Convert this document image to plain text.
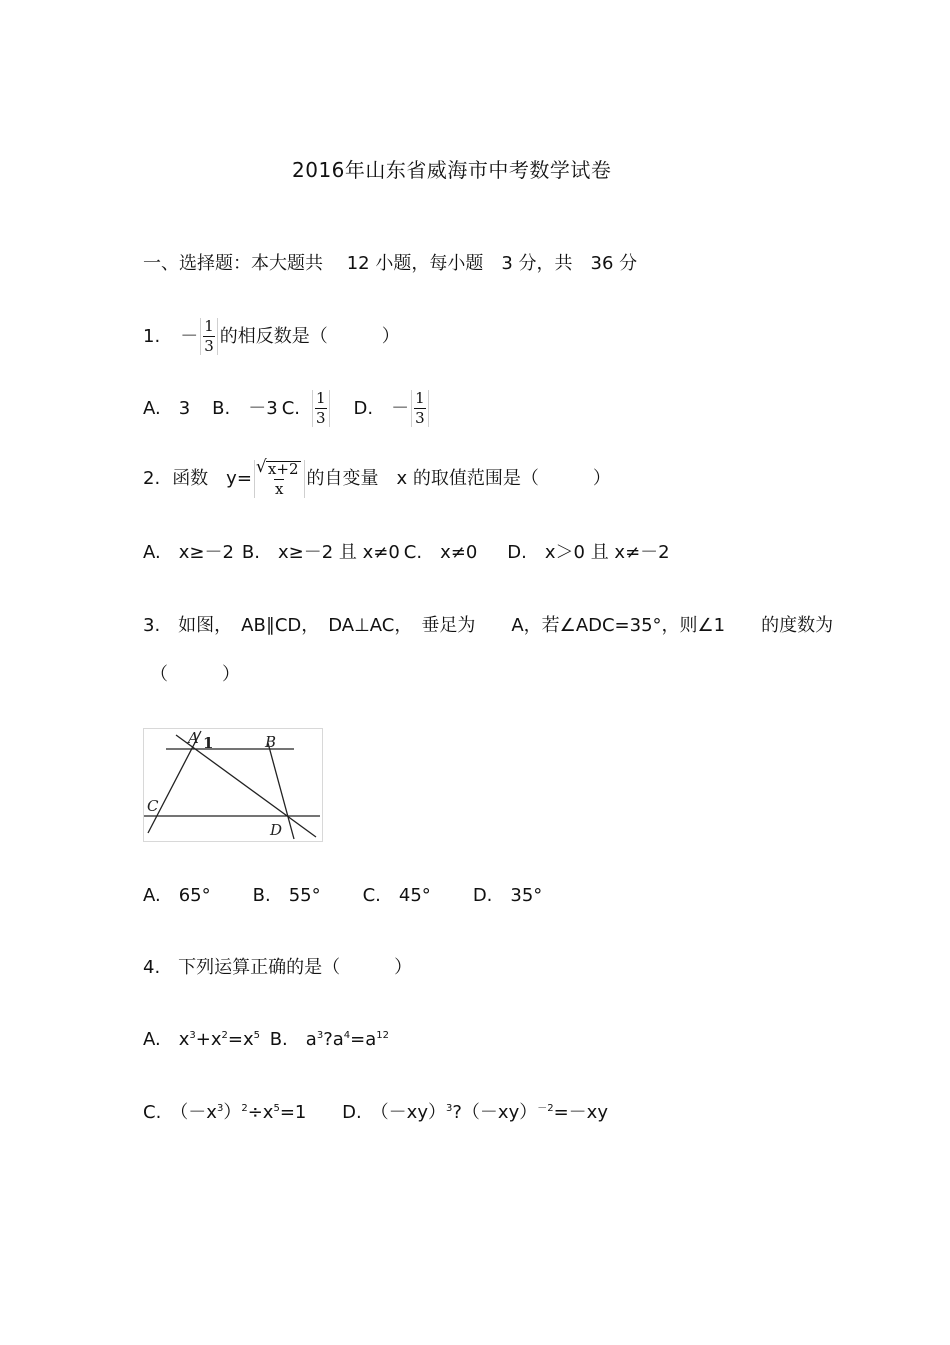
2016年山东省威海市中考数学试卷
一、选择题：本大题共　 12 小题，每小题　3 分，共　36 分
1. － $\frac{1}{3}$ 的相反数是（　　　）
A.　3 B.　－3 C. $\frac{1}{3} D$.　－ $\frac{1}{3}$
2. 函数　y=
√ $\frac{x+2}{x}$ 的自变量　x 的取值范围是（　　　）
A.　x≥－2 B.　x≥－2 且 x≠0 C.　x≠0 D.　x＞0 且 x≠－2
3.　如图，　AB∥CD，　DA⊥AC，　垂足为　　A，若∠ADC=35°，则∠1　　的度数为
（　　　）
A 1	B
C
D
A.　65° B.　55° C.　45° D.　35°
4.　下列运算正确的是（　　　）
A.　$x^3+x^2=x^5$ B.　$a^3?a^4=a^{12}$
C.　$(-x^3)^2\div x^5=1$ D.　$(-xy)^3?(-xy)^{-2}=-xy$
